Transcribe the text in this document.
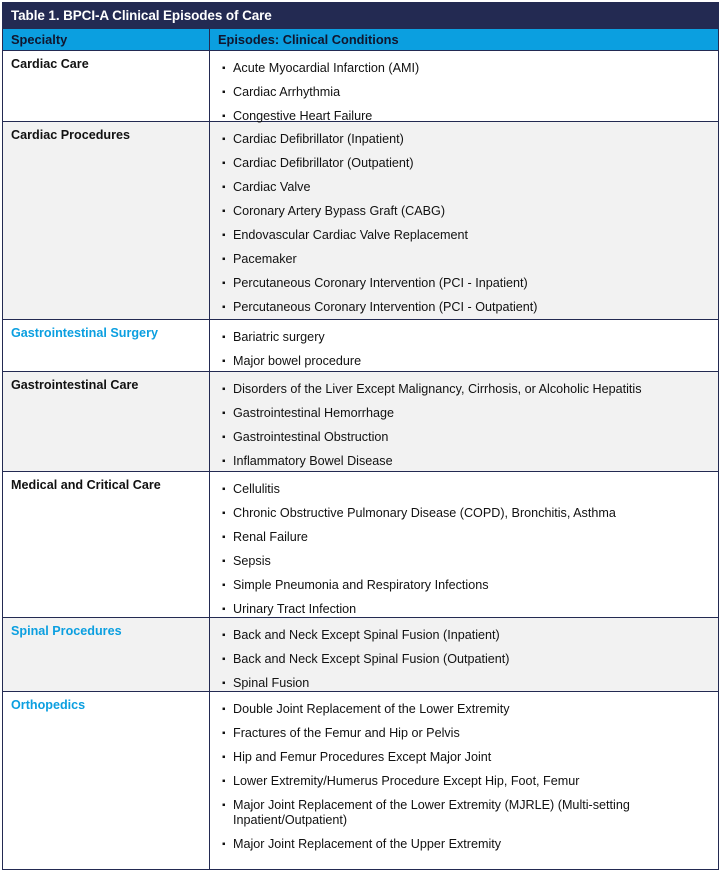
Table 1. BPCI-A Clinical Episodes of Care
Specialty	Episodes: Clinical Conditions
Cardiac Care	▪ Acute Myocardial Infarction (AMI)
▪ Cardiac Arrhythmia
▪ Congestive Heart Failure
Cardiac Procedures	▪ Cardiac Defibrillator (Inpatient)
▪ Cardiac Defibrillator (Outpatient)
▪ Cardiac Valve
▪ Coronary Artery Bypass Graft (CABG)
▪ Endovascular Cardiac Valve Replacement
▪ Pacemaker
▪ Percutaneous Coronary Intervention (PCI - Inpatient)
▪ Percutaneous Coronary Intervention (PCI - Outpatient)
Gastrointestinal Surgery	▪ Bariatric surgery
▪ Major bowel procedure
Gastrointestinal Care	▪ Disorders of the Liver Except Malignancy, Cirrhosis, or Alcoholic Hepatitis
▪ Gastrointestinal Hemorrhage
▪ Gastrointestinal Obstruction
▪ Inflammatory Bowel Disease
Medical and Critical Care	▪ Cellulitis
▪ Chronic Obstructive Pulmonary Disease (COPD), Bronchitis, Asthma
▪ Renal Failure
▪ Sepsis
▪ Simple Pneumonia and Respiratory Infections
▪ Urinary Tract Infection
Spinal Procedures	▪ Back and Neck Except Spinal Fusion (Inpatient)
▪ Back and Neck Except Spinal Fusion (Outpatient)
▪ Spinal Fusion
Orthopedics	▪ Double Joint Replacement of the Lower Extremity
▪ Fractures of the Femur and Hip or Pelvis
▪ Hip and Femur Procedures Except Major Joint
▪ Lower Extremity/Humerus Procedure Except Hip, Foot, Femur
▪ Major Joint Replacement of the Lower Extremity (MJRLE) (Multi-setting Inpatient/Outpatient)
▪ Major Joint Replacement of the Upper Extremity
